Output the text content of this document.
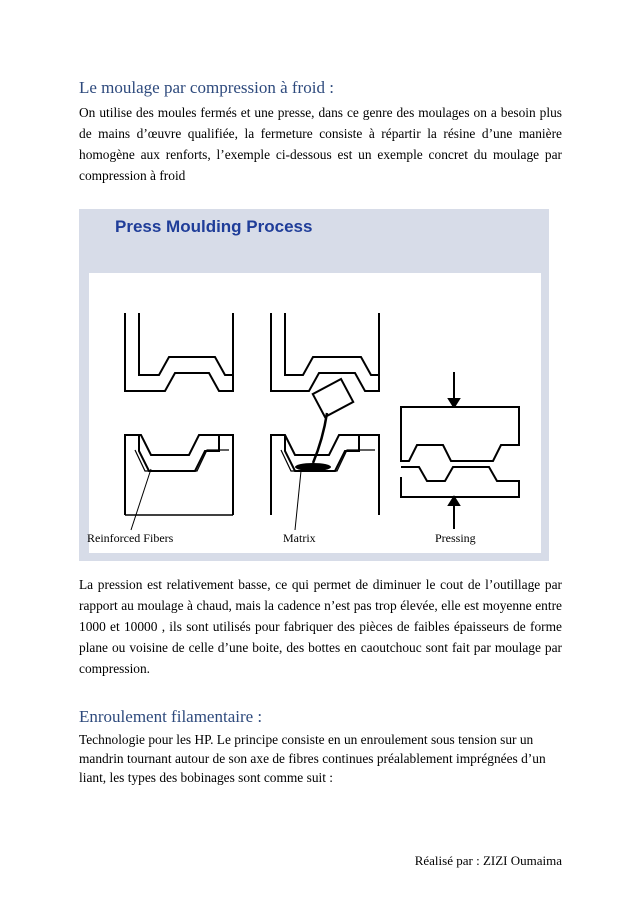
Le moulage par compression à froid :

On utilise des moules fermés et une presse, dans ce genre des moulages on a besoin plus de mains d’œuvre qualifiée, la fermeture consiste à répartir la résine d’une manière homogène aux renforts, l’exemple ci-dessous est un exemple concret du moulage par compression à froid

Press Moulding Process
Reinforced Fibers	Matrix	Pressing

La pression est relativement basse, ce qui permet de diminuer le cout de l’outillage par rapport au moulage à chaud, mais la cadence n’est pas trop élevée, elle est moyenne entre 1000 et 10000 , ils sont utilisés pour fabriquer des pièces de faibles épaisseurs de forme plane ou voisine de celle d’une boite, des bottes en caoutchouc sont fait par moulage par compression.

Enroulement filamentaire :

Technologie pour les HP. Le principe consiste en un enroulement sous tension sur un mandrin tournant autour de son axe de fibres continues préalablement imprégnées d’un liant, les types des bobinages sont comme suit :

Réalisé par : ZIZI Oumaima
